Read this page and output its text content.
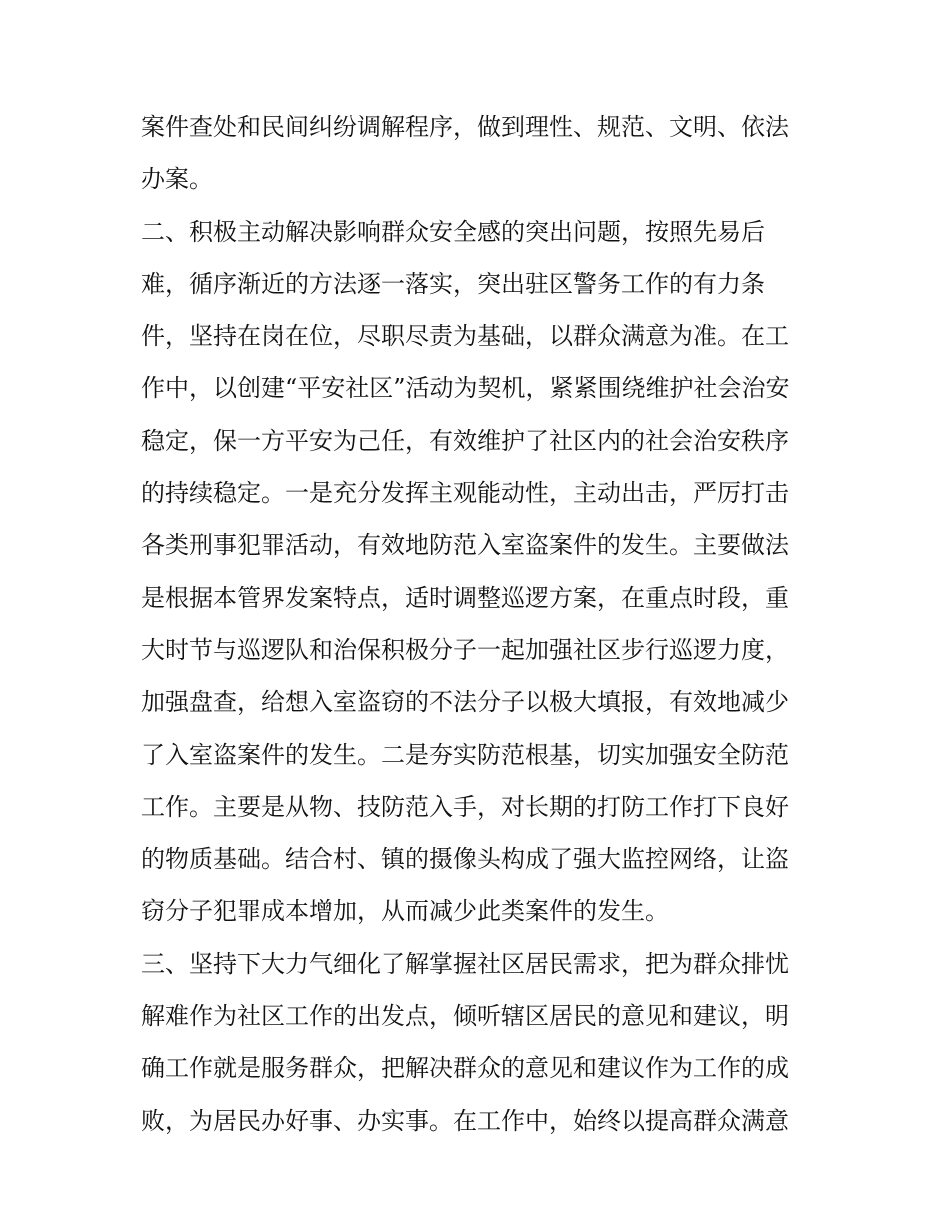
案件查处和民间纠纷调解程序，做到理性、规范、文明、依法
办案。
二、积极主动解决影响群众安全感的突出问题，按照先易后
难，循序渐近的方法逐一落实，突出驻区警务工作的有力条
件，坚持在岗在位，尽职尽责为基础，以群众满意为准。在工
作中，以创建“平安社区”活动为契机，紧紧围绕维护社会治安
稳定，保一方平安为己任，有效维护了社区内的社会治安秩序
的持续稳定。一是充分发挥主观能动性，主动出击，严厉打击
各类刑事犯罪活动，有效地防范入室盗案件的发生。主要做法
是根据本管界发案特点，适时调整巡逻方案，在重点时段，重
大时节与巡逻队和治保积极分子一起加强社区步行巡逻力度，
加强盘查，给想入室盗窃的不法分子以极大填报，有效地减少
了入室盗案件的发生。二是夯实防范根基，切实加强安全防范
工作。主要是从物、技防范入手，对长期的打防工作打下良好
的物质基础。结合村、镇的摄像头构成了强大监控网络，让盗
窃分子犯罪成本增加，从而减少此类案件的发生。
三、坚持下大力气细化了解掌握社区居民需求，把为群众排忧
解难作为社区工作的出发点，倾听辖区居民的意见和建议，明
确工作就是服务群众，把解决群众的意见和建议作为工作的成
败，为居民办好事、办实事。在工作中，始终以提高群众满意
